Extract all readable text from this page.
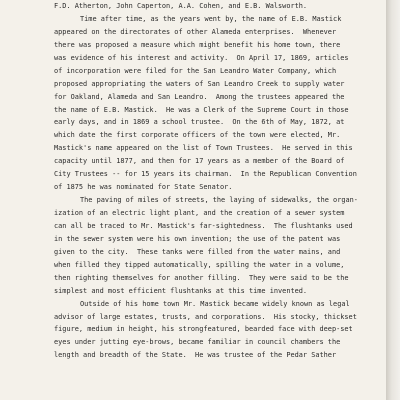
F.D. Atherton, John Caperton, A.A. Cohen, and E.B. Walsworth.
Time after time, as the years went by, the name of E.B. Mastick
appeared on the directorates of other Alameda enterprises.  Whenever
there was proposed a measure which might benefit his home town, there
was evidence of his interest and activity.  On April 17, 1869, articles
of incorporation were filed for the San Leandro Water Company, which
proposed appropriating the waters of San Leandro Creek to supply water
for Oakland, Alameda and San Leandro.  Among the trustees appeared the
the name of E.B. Mastick.  He was a Clerk of the Supreme Court in those
early days, and in 1869 a school trustee.  On the 6th of May, 1872, at
which date the first corporate officers of the town were elected, Mr.
Mastick's name appeared on the list of Town Trustees.  He served in this
capacity until 1877, and then for 17 years as a member of the Board of
City Trustees -- for 15 years its chairman.  In the Republican Convention
of 1875 he was nominated for State Senator.
The paving of miles of streets, the laying of sidewalks, the organ-
ization of an electric light plant, and the creation of a sewer system
can all be traced to Mr. Mastick's far-sightedness.  The flushtanks used
in the sewer system were his own invention; the use of the patent was
given to the city.  These tanks were filled from the water mains, and
when filled they tipped automatically, spilling the water in a volume,
then righting themselves for another filling.  They were said to be the
simplest and most efficient flushtanks at this time invented.
Outside of his home town Mr. Mastick became widely known as legal
advisor of large estates, trusts, and corporations.  His stocky, thickset
figure, medium in height, his strongfeatured, bearded face with deep-set
eyes under jutting eye-brows, became familiar in council chambers the
length and breadth of the State.  He was trustee of the Pedar Sather
